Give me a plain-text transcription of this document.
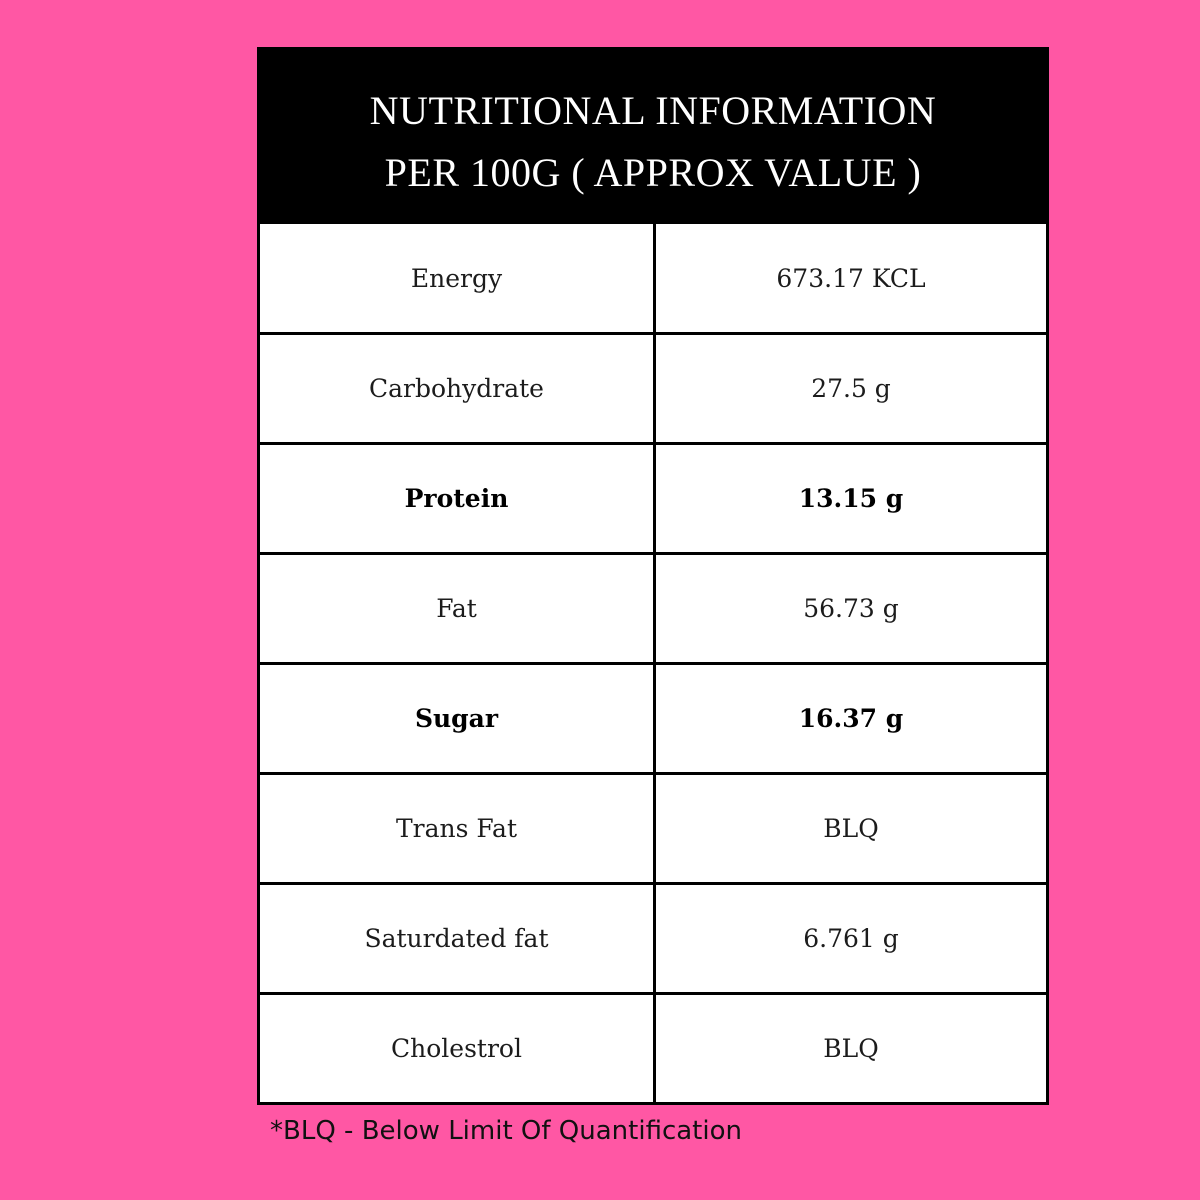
NUTRITIONAL INFORMATION
PER 100G ( APPROX VALUE )
Energy	673.17 KCL
Carbohydrate	27.5 g
Protein	13.15 g
Fat	56.73 g
Sugar	16.37 g
Trans Fat	BLQ
Saturdated fat	6.761 g
Cholestrol	BLQ
*BLQ - Below Limit Of Quantification
